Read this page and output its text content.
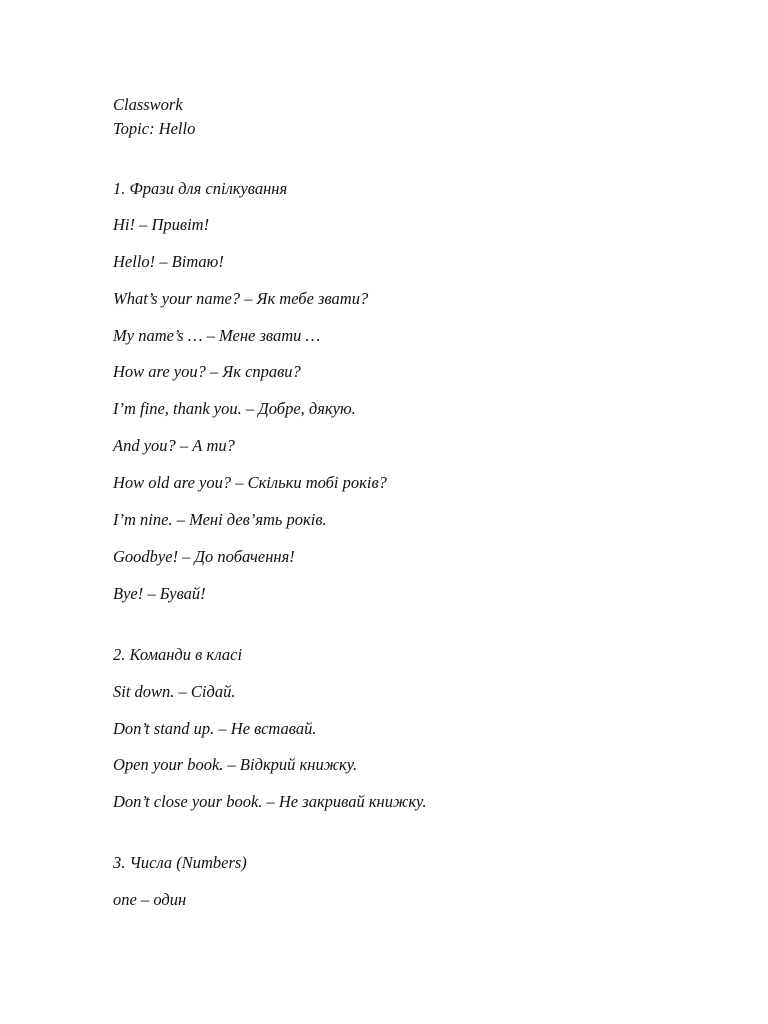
Classwork
Topic: Hello
1. Фрази для спілкування
Hi! – Привіт!
Hello! – Вітаю!
What’s your name? – Як тебе звати?
My name’s … – Мене звати …
How are you? – Як справи?
I’m fine, thank you. – Добре, дякую.
And you? – А ти?
How old are you? – Скільки тобі років?
I’m nine. – Мені дев’ять років.
Goodbye! – До побачення!
Bye! – Бувай!
2. Команди в класі
Sit down. – Сідай.
Don’t stand up. – Не вставай.
Open your book. – Відкрий книжку.
Don’t close your book. – Не закривай книжку.
3. Числа (Numbers)
one – один
